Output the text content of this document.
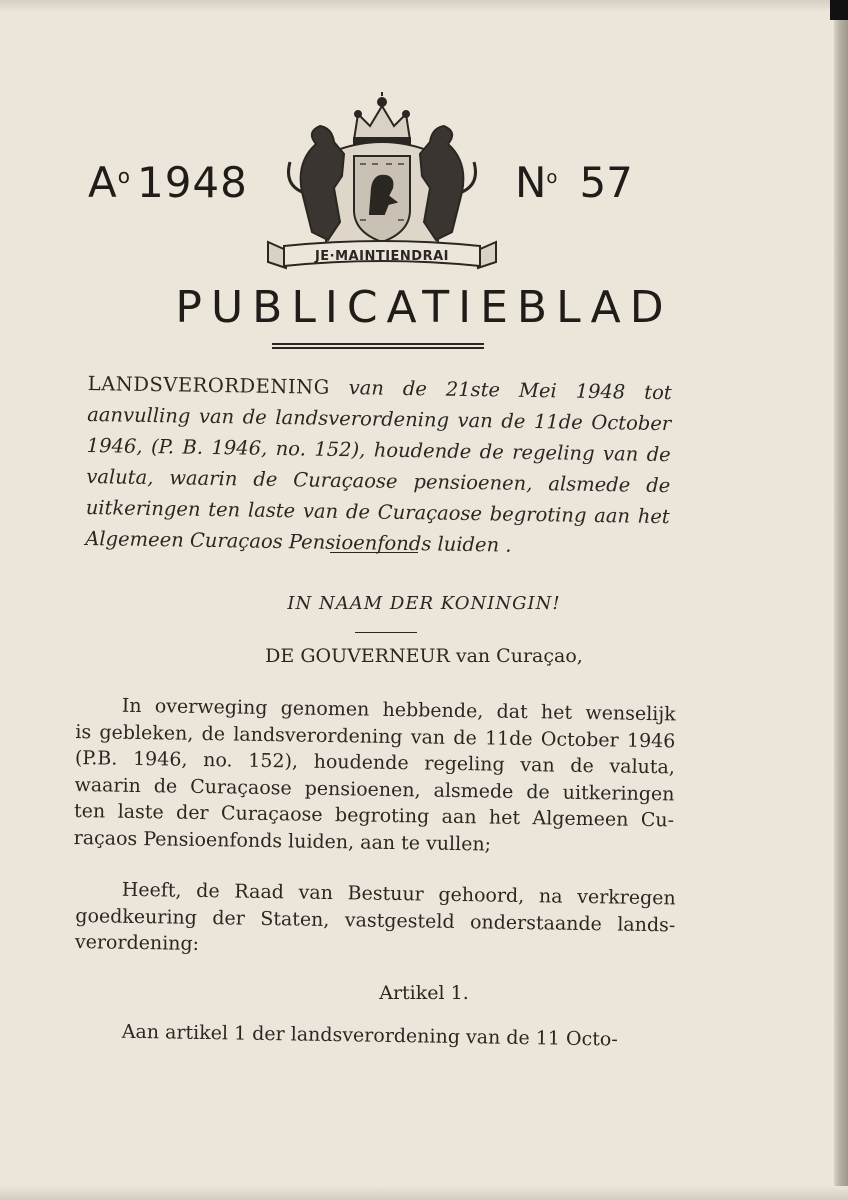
$A^o$ 1948
JE·MAINTIENDRAI
$N^o$ 57
PUBLICATIEBLAD
LANDSVERORDENING van de 21ste Mei 1948 tot aanvulling van de landsverordening van de 11de October 1946, (P. B. 1946, no. 152), houdende de regeling van de valuta, waarin de Curaçaose pensioenen, alsmede de uitkeringen ten laste van de Curaçaose begroting aan het Algemeen Curaçaos Pensioenfonds luiden .
IN NAAM DER KONINGIN!
DE GOUVERNEUR van Curaçao,
In overweging genomen hebbende, dat het wenselijk
is gebleken, de landsverordening van de 11de October 1946
(P.B. 1946, no. 152), houdende regeling van de valuta,
waarin de Curaçaose pensioenen, alsmede de uitkeringen
ten laste der Curaçaose begroting aan het Algemeen Cu-
raçaos Pensioenfonds luiden, aan te vullen;
Heeft, de Raad van Bestuur gehoord, na verkregen
goedkeuring der Staten, vastgesteld onderstaande lands-
verordening:
Artikel 1.
Aan artikel 1 der landsverordening van de 11 Octo-
